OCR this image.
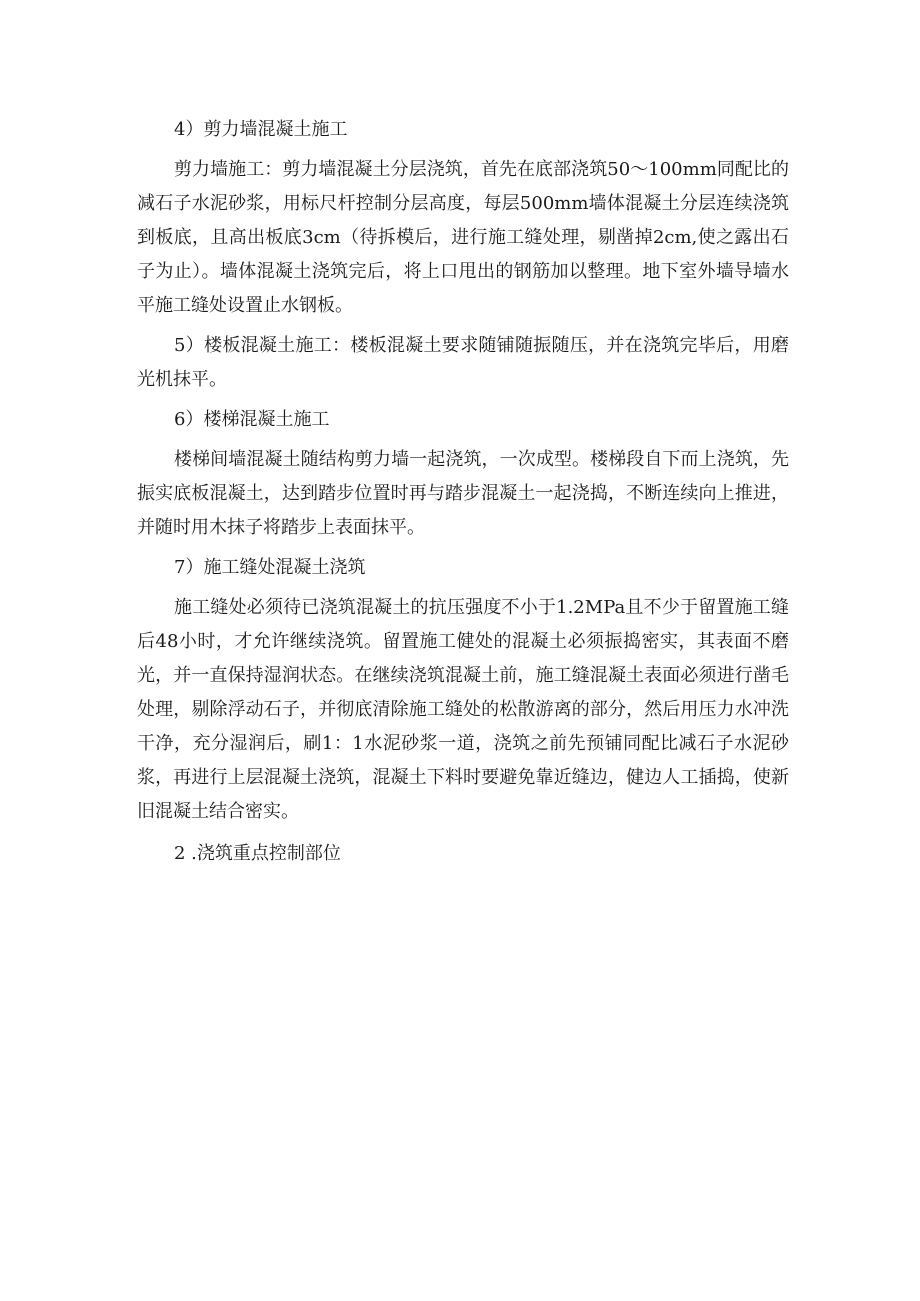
4）剪力墙混凝土施工

剪力墙施工：剪力墙混凝土分层浇筑，首先在底部浇筑50～100mm同配比的减石子水泥砂浆，用标尺杆控制分层高度，每层500mm墙体混凝土分层连续浇筑到板底，且高出板底3cm（待拆模后，进行施工缝处理，剔凿掉2cm,使之露出石子为止）。墙体混凝土浇筑完后，将上口甩出的钢筋加以整理。地下室外墙导墙水平施工缝处设置止水钢板。

5）楼板混凝土施工：楼板混凝土要求随铺随振随压，并在浇筑完毕后，用磨光机抹平。

6）楼梯混凝土施工

楼梯间墙混凝土随结构剪力墙一起浇筑，一次成型。楼梯段自下而上浇筑，先振实底板混凝土，达到踏步位置时再与踏步混凝土一起浇捣，不断连续向上推进，并随时用木抹子将踏步上表面抹平。

7）施工缝处混凝土浇筑

施工缝处必须待已浇筑混凝土的抗压强度不小于1.2MPa且不少于留置施工缝后48小时，才允许继续浇筑。留置施工健处的混凝土必须振捣密实，其表面不磨光，并一直保持湿润状态。在继续浇筑混凝土前，施工缝混凝土表面必须进行凿毛处理，剔除浮动石子，并彻底清除施工缝处的松散游离的部分，然后用压力水冲洗干净，充分湿润后，刷1：1水泥砂浆一道，浇筑之前先预铺同配比减石子水泥砂浆，再进行上层混凝土浇筑，混凝土下料时要避免靠近缝边，健边人工插捣，使新旧混凝土结合密实。

2 .浇筑重点控制部位
